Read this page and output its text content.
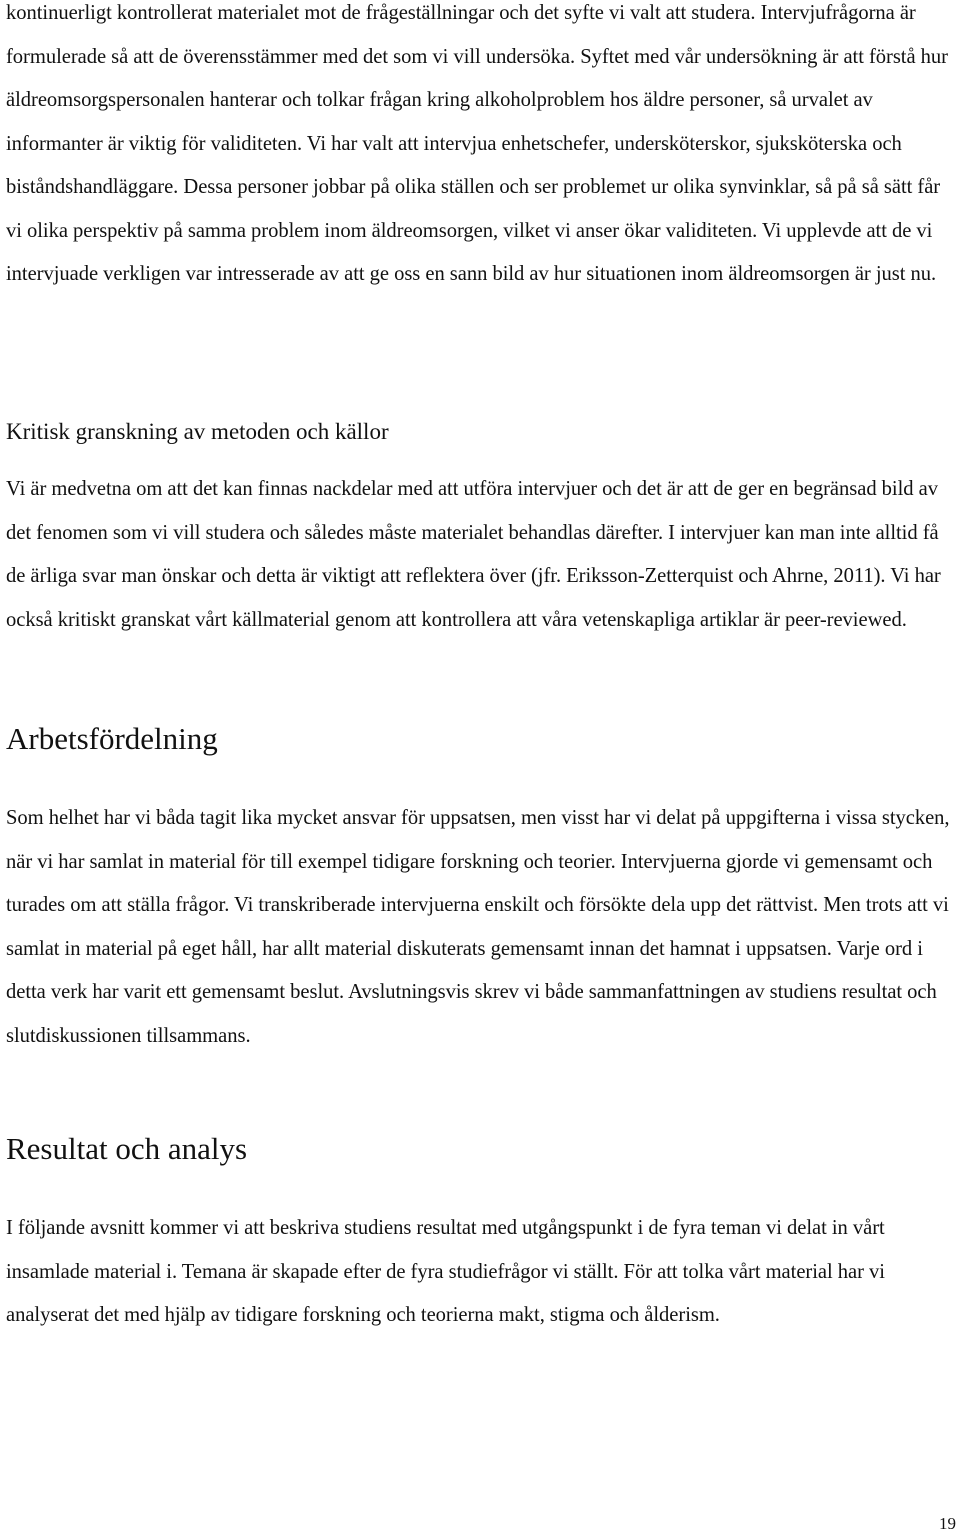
kontinuerligt kontrollerat materialet mot de frågeställningar och det syfte vi valt att studera. Intervjufrågorna är formulerade så att de överensstämmer med det som vi vill undersöka. Syftet med vår undersökning är att förstå hur äldreomsorgspersonalen hanterar och tolkar frågan kring alkoholproblem hos äldre personer, så urvalet av informanter är viktig för validiteten. Vi har valt att intervjua enhetschefer, undersköterskor, sjuksköterska och biståndshandläggare. Dessa personer jobbar på olika ställen och ser problemet ur olika synvinklar, så på så sätt får vi olika perspektiv på samma problem inom äldreomsorgen, vilket vi anser ökar validiteten. Vi upplevde att de vi intervjuade verkligen var intresserade av att ge oss en sann bild av hur situationen inom äldreomsorgen är just nu.

Kritisk granskning av metoden och källor

Vi är medvetna om att det kan finnas nackdelar med att utföra intervjuer och det är att de ger en begränsad bild av det fenomen som vi vill studera och således måste materialet behandlas därefter. I intervjuer kan man inte alltid få de ärliga svar man önskar och detta är viktigt att reflektera över (jfr. Eriksson-Zetterquist och Ahrne, 2011). Vi har också kritiskt granskat vårt källmaterial genom att kontrollera att våra vetenskapliga artiklar är peer-reviewed.

Arbetsfördelning

Som helhet har vi båda tagit lika mycket ansvar för uppsatsen, men visst har vi delat på uppgifterna i vissa stycken, när vi har samlat in material för till exempel tidigare forskning och teorier. Intervjuerna gjorde vi gemensamt och turades om att ställa frågor. Vi transkriberade intervjuerna enskilt och försökte dela upp det rättvist. Men trots att vi samlat in material på eget håll, har allt material diskuterats gemensamt innan det hamnat i uppsatsen. Varje ord i detta verk har varit ett gemensamt beslut. Avslutningsvis skrev vi både sammanfattningen av studiens resultat och slutdiskussionen tillsammans.

Resultat och analys

I följande avsnitt kommer vi att beskriva studiens resultat med utgångspunkt i de fyra teman vi delat in vårt insamlade material i. Temana är skapade efter de fyra studiefrågor vi ställt. För att tolka vårt material har vi analyserat det med hjälp av tidigare forskning och teorierna makt, stigma och ålderism.

19
